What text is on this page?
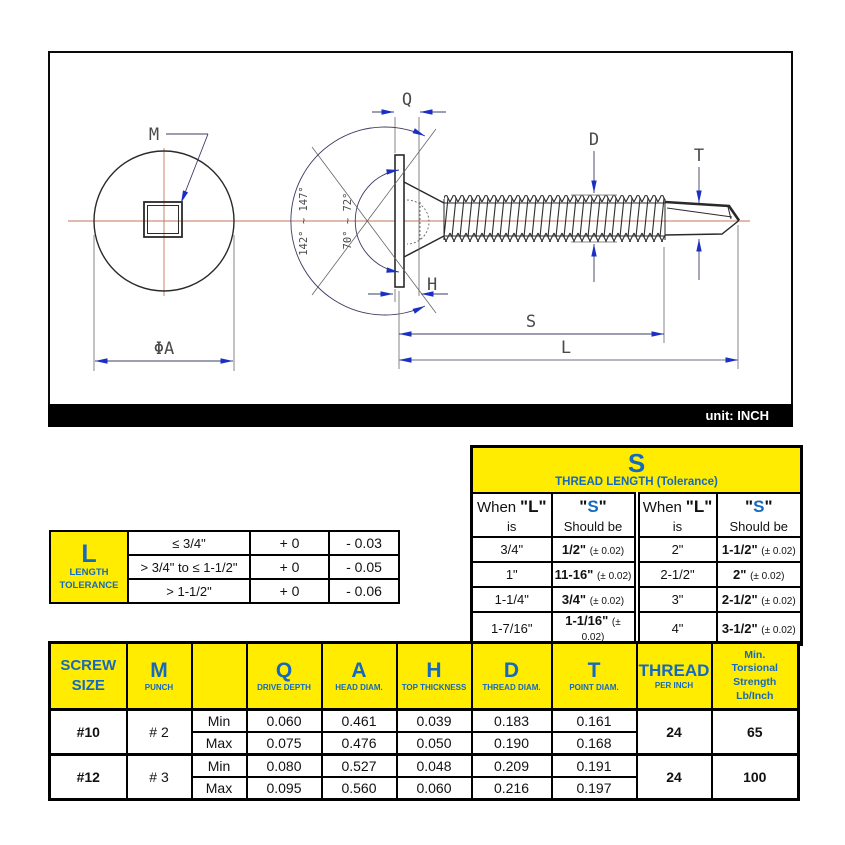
M
ΦA
Q
H
142° ~ 147°	70° ~ 72°
D
T
S
L
unit: INCH
L
LENGTH
TOLERANCE	≤ 3/4"	+ 0	- 0.03
	> 3/4" to ≤ 1-1/2"	+ 0	- 0.05
	> 1-1/2"	+ 0	- 0.06
S
THREAD LENGTH (Tolerance)			

When "L"
is	"S"
Should be	When "L"
is	"S"
Should be

3/4"	1/2" (± 0.02)	2"	1-1/2" (± 0.02)
1"	11-16" (± 0.02)	2-1/2"	2" (± 0.02)
1-1/4"	3/4" (± 0.02)	3"	2-1/2" (± 0.02)
1-7/16"	1-1/16" (± 0.02)	4"	3-1/2" (± 0.02)
SCREW
SIZE	M
PUNCH		Q
DRIVE DEPTH	A
HEAD DIAM.	H
TOP THICKNESS	D
THREAD DIAM.	T
POINT DIAM.	THREAD
PER INCH	Min.
Torsional
Strength
Lb/Inch

#10	# 2	Min	0.060	0.461	0.039	0.183	0.161	24	65
		Max	0.075	0.476	0.050	0.190	0.168		
#12	# 3	Min	0.080	0.527	0.048	0.209	0.191	24	100
		Max	0.095	0.560	0.060	0.216	0.197		
